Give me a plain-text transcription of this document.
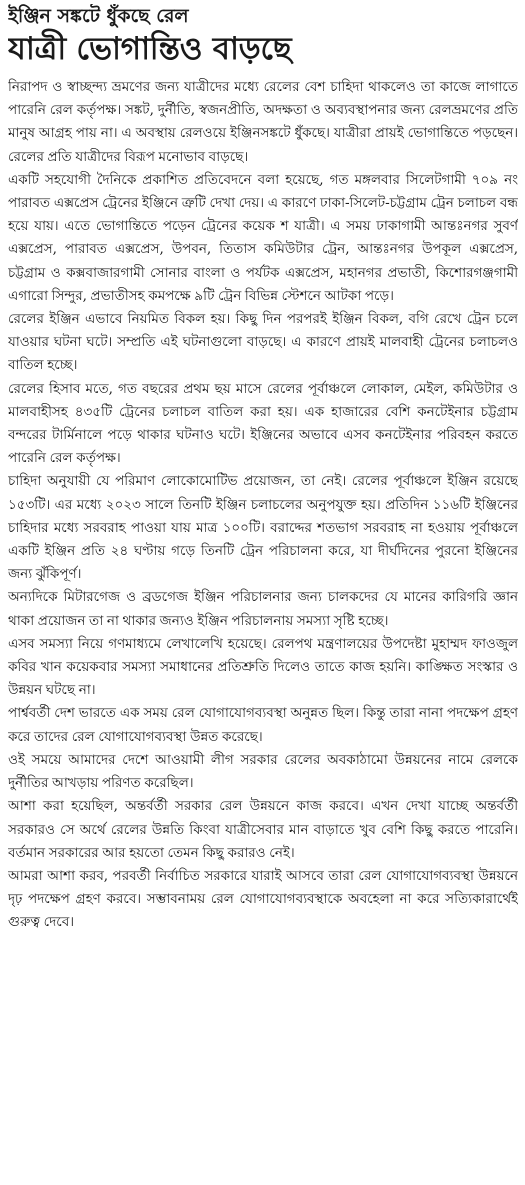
ইঞ্জিন সঙ্কটে ধুঁকছে রেল
যাত্রী ভোগান্তিও বাড়ছে

নিরাপদ ও স্বাচ্ছন্দ্য ভ্রমণের জন্য যাত্রীদের মধ্যে রেলের বেশ চাহিদা থাকলেও তা কাজে লাগাতে পারেনি রেল কর্তৃপক্ষ। সঙ্কট, দুর্নীতি, স্বজনপ্রীতি, অদক্ষতা ও অব্যবস্থাপনার জন্য রেলভ্রমণের প্রতি মানুষ আগ্রহ পায় না। এ অবস্থায় রেলওয়ে ইঞ্জিনসঙ্কটে ধুঁকছে। যাত্রীরা প্রায়ই ভোগান্তিতে পড়ছেন। রেলের প্রতি যাত্রীদের বিরূপ মনোভাব বাড়ছে।

একটি সহযোগী দৈনিকে প্রকাশিত প্রতিবেদনে বলা হয়েছে, গত মঙ্গলবার সিলেটগামী ৭০৯ নং পারাবত এক্সপ্রেস ট্রেনের ইঞ্জিনে ত্রুটি দেখা দেয়। এ কারণে ঢাকা-সিলেট-চট্টগ্রাম ট্রেন চলাচল বন্ধ হয়ে যায়। এতে ভোগান্তিতে পড়েন ট্রেনের কয়েক শ যাত্রী। এ সময় ঢাকাগামী আন্তঃনগর সুবর্ণ এক্সপ্রেস, পারাবত এক্সপ্রেস, উপবন, তিতাস কমিউটার ট্রেন, আন্তঃনগর উপকূল এক্সপ্রেস, চট্টগ্রাম ও কক্সবাজারগামী সোনার বাংলা ও পর্যটক এক্সপ্রেস, মহানগর প্রভাতী, কিশোরগঞ্জগামী এগারো সিন্দুর, প্রভাতীসহ কমপক্ষে ৯টি ট্রেন বিভিন্ন স্টেশনে আটকা পড়ে।

রেলের ইঞ্জিন এভাবে নিয়মিত বিকল হয়। কিছু দিন পরপরই ইঞ্জিন বিকল, বগি রেখে ট্রেন চলে যাওয়ার ঘটনা ঘটে। সম্প্রতি এই ঘটনাগুলো বাড়ছে। এ কারণে প্রায়ই মালবাহী ট্রেনের চলাচলও বাতিল হচ্ছে।

রেলের হিসাব মতে, গত বছরের প্রথম ছয় মাসে রেলের পূর্বাঞ্চলে লোকাল, মেইল, কমিউটার ও মালবাহীসহ ৪৩৫টি ট্রেনের চলাচল বাতিল করা হয়। এক হাজারের বেশি কনটেইনার চট্টগ্রাম বন্দরের টার্মিনালে পড়ে থাকার ঘটনাও ঘটে। ইঞ্জিনের অভাবে এসব কনটেইনার পরিবহন করতে পারেনি রেল কর্তৃপক্ষ।

চাহিদা অনুযায়ী যে পরিমাণ লোকোমোটিভ প্রয়োজন, তা নেই। রেলের পূর্বাঞ্চলে ইঞ্জিন রয়েছে ১৫৩টি। এর মধ্যে ২০২৩ সালে তিনটি ইঞ্জিন চলাচলের অনুপযুক্ত হয়। প্রতিদিন ১১৬টি ইঞ্জিনের চাহিদার মধ্যে সরবরাহ পাওয়া যায় মাত্র ১০০টি। বরাদ্দের শতভাগ সরবরাহ না হওয়ায় পূর্বাঞ্চলে একটি ইঞ্জিন প্রতি ২৪ ঘণ্টায় গড়ে তিনটি ট্রেন পরিচালনা করে, যা দীর্ঘদিনের পুরনো ইঞ্জিনের জন্য ঝুঁকিপূর্ণ।

অন্যদিকে মিটারগেজ ও ব্রডগেজ ইঞ্জিন পরিচালনার জন্য চালকদের যে মানের কারিগরি জ্ঞান থাকা প্রয়োজন তা না থাকার জন্যও ইঞ্জিন পরিচালনায় সমস্যা সৃষ্টি হচ্ছে।

এসব সমস্যা নিয়ে গণমাধ্যমে লেখালেখি হয়েছে। রেলপথ মন্ত্রণালয়ের উপদেষ্টা মুহাম্মদ ফাওজুল কবির খান কয়েকবার সমস্যা সমাধানের প্রতিশ্রুতি দিলেও তাতে কাজ হয়নি। কাঙ্ক্ষিত সংস্কার ও উন্নয়ন ঘটছে না।

পার্শ্ববর্তী দেশ ভারতে এক সময় রেল যোগাযোগব্যবস্থা অনুন্নত ছিল। কিন্তু তারা নানা পদক্ষেপ গ্রহণ করে তাদের রেল যোগাযোগব্যবস্থা উন্নত করেছে।

ওই সময়ে আমাদের দেশে আওয়ামী লীগ সরকার রেলের অবকাঠামো উন্নয়নের নামে রেলকে দুর্নীতির আখড়ায় পরিণত করেছিল।

আশা করা হয়েছিল, অন্তর্বর্তী সরকার রেল উন্নয়নে কাজ করবে। এখন দেখা যাচ্ছে অন্তর্বর্তী সরকারও সে অর্থে রেলের উন্নতি কিংবা যাত্রীসেবার মান বাড়াতে খুব বেশি কিছু করতে পারেনি। বর্তমান সরকারের আর হয়তো তেমন কিছু করারও নেই।

আমরা আশা করব, পরবর্তী নির্বাচিত সরকারে যারাই আসবে তারা রেল যোগাযোগব্যবস্থা উন্নয়নে দৃঢ় পদক্ষেপ গ্রহণ করবে। সম্ভাবনাময় রেল যোগাযোগব্যবস্থাকে অবহেলা না করে সত্যিকারার্থেই গুরুত্ব দেবে।
